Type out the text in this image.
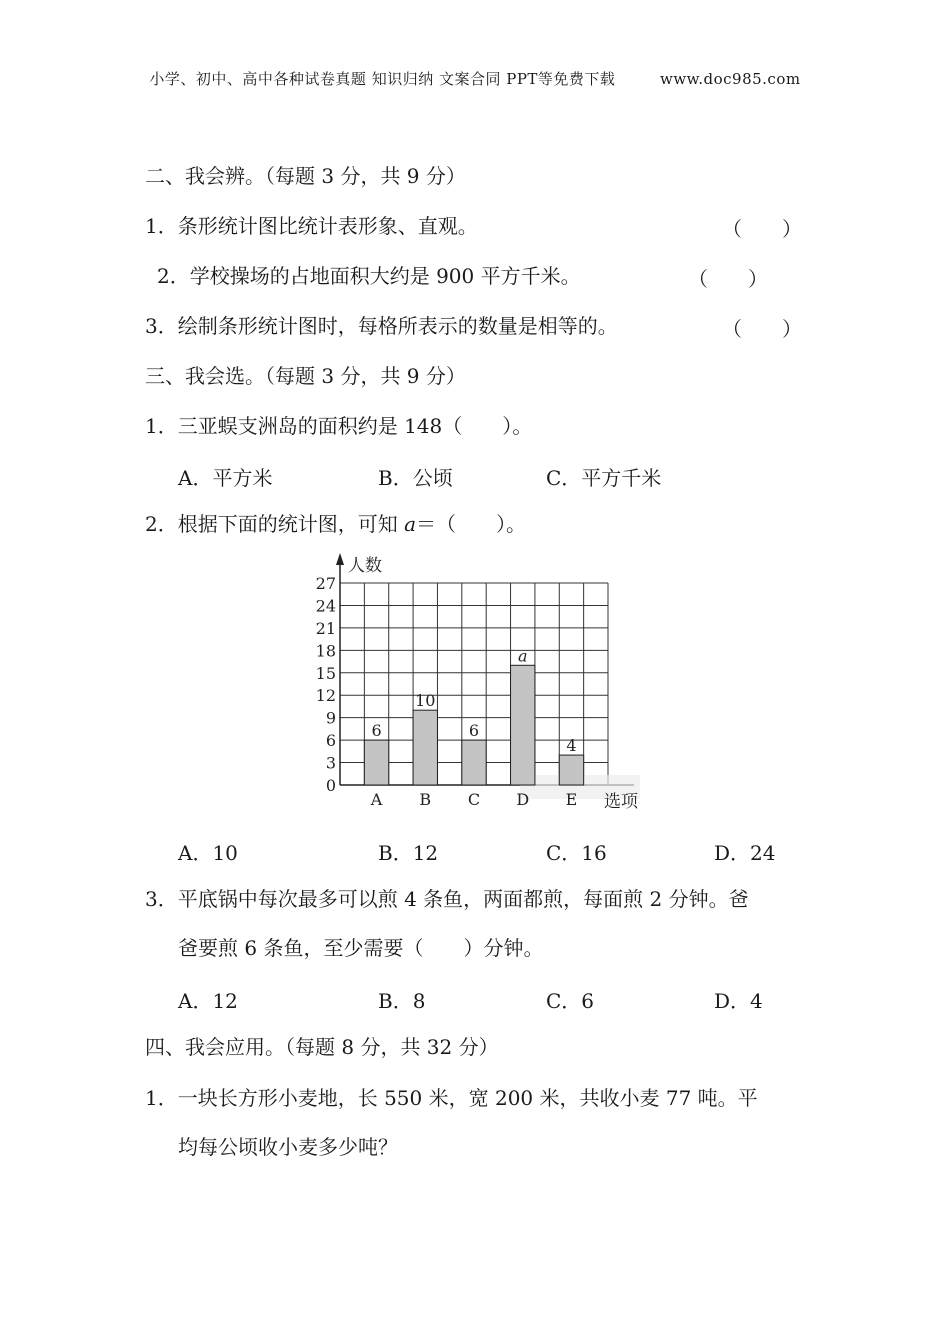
小学、初中、高中各种试卷真题 知识归纳 文案合同 PPT等免费下载	www.doc985.com
二、我会辨。（每题 3 分，共 9 分）
1．条形统计图比统计表形象、直观。	（　　）
2．学校操场的占地面积大约是 900 平方千米。	（　　）
3．绘制条形统计图时，每格所表示的数量是相等的。	（　　）
三、我会选。（每题 3 分，共 9 分）
1．三亚蜈支洲岛的面积约是 148（　　）。
A．平方米	B．公顷	C．平方千米
2．根据下面的统计图，可知 a＝（　　）。
0
3
6
9
12
15
18
21
24
27
人数
选项
6
A
10
B
6
C
a
D
4
E
A．10	B．12	C．16	D．24
3．平底锅中每次最多可以煎 4 条鱼，两面都煎，每面煎 2 分钟。爸
爸要煎 6 条鱼，至少需要（　　）分钟。
A．12	B．8	C．6	D．4
四、我会应用。（每题 8 分，共 32 分）
1．一块长方形小麦地，长 550 米，宽 200 米，共收小麦 77 吨。平
均每公顷收小麦多少吨？
